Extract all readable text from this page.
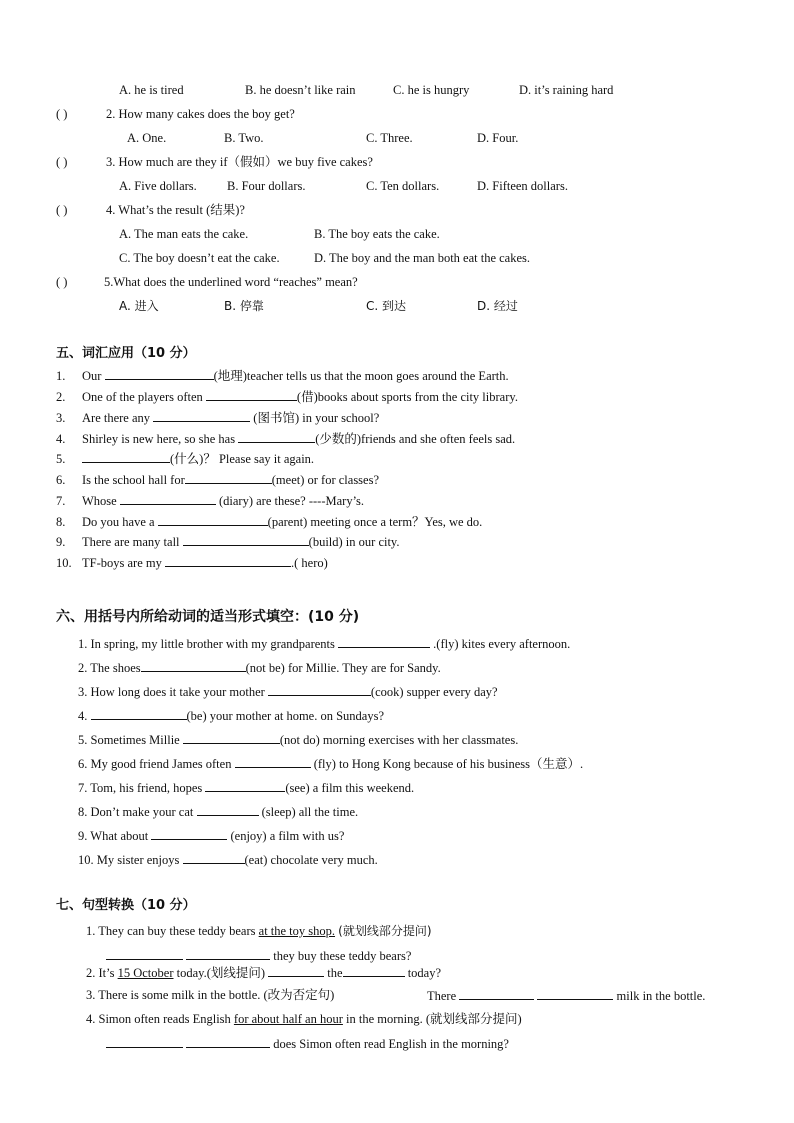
A. he is tired	B. he doesn’t like rain	C. he is hungry	D. it’s raining hard
( )	2. How many cakes does the boy get?
A. One.	B. Two.	C. Three.	D. Four.
( )	3. How much are they if（假如）we buy five cakes?
A. Five dollars. B. Four dollars.	C. Ten dollars.	D. Fifteen dollars.
( )	4. What’s the result (结果)?
A. The man eats the cake.	B. The boy eats the cake.
C. The boy doesn’t eat the cake.	D. The boy and the man both eat the cakes.
( )	5.What does the underlined word “reaches” mean?
A. 进入	B. 停靠	C. 到达	D. 经过
五、词汇应用（10 分）
1. Our	(地理)teacher tells us that the moon goes around the Earth.
2. One of the players often	(借)books about sports from the city library.
3. Are there any	(图书馆) in your school?
4. Shirley is new here, so she has	(少数的)friends and she often feels sad.
5.	(什么)？ Please say it again.
6. Is the school hall for	(meet) or for classes?
7. Whose	(diary) are these? ----Mary’s.
8. Do you have a	(parent) meeting once a term？Yes, we do.
9. There are many tall	(build) in our city.
10. TF-boys are my	.( hero)
六、用括号内所给动词的适当形式填空：(10 分)
1. In spring, my little brother with my grandparents	.(fly) kites every afternoon.
2. The shoes	(not be) for Millie. They are for Sandy.
3. How long does it take your mother	(cook) supper every day?
4.	(be) your mother at home. on Sundays?
5. Sometimes Millie	(not do) morning exercises with her classmates.
6. My good friend James often	(fly) to Hong Kong because of his business（生意）.
7. Tom, his friend, hopes	(see) a film this weekend.
8. Don’t make your cat	(sleep) all the time.
9. What about	(enjoy) a film with us?
10. My sister enjoys	(eat) chocolate very much.
七、句型转换（10 分）
1. They can buy these teddy bears at the toy shop. (就划线部分提问)
they buy these teddy bears?
2. It’s 15 October today.(划线提问)	the	today?
3. There is some milk in the bottle. (改为否定句)	There	milk in the bottle.
4. Simon often reads English for about half an hour in the morning. (就划线部分提问)
does Simon often read English in the morning?
